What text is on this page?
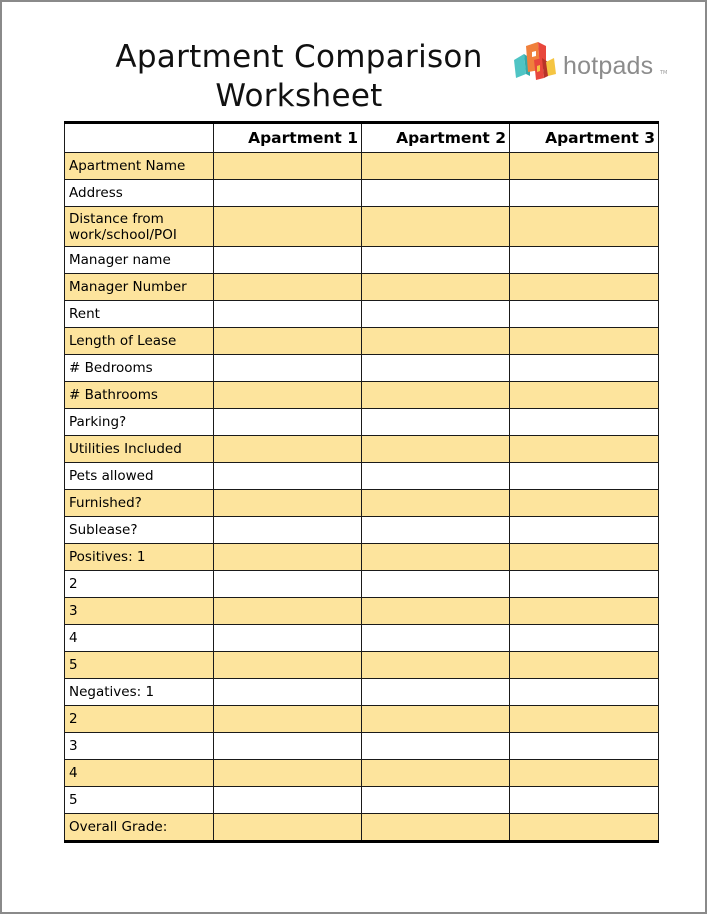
Apartment Comparison
Worksheet
hotpads TM
	Apartment 1	Apartment 2	Apartment 3
Apartment Name			
Address			
Distance from work/school/POI			
Manager name			
Manager Number			
Rent			
Length of Lease			
# Bedrooms			
# Bathrooms			
Parking?			
Utilities Included			
Pets allowed			
Furnished?			
Sublease?			
Positives: 1			
2			
3			
4			
5			
Negatives: 1			
2			
3			
4			
5			
Overall Grade:			
